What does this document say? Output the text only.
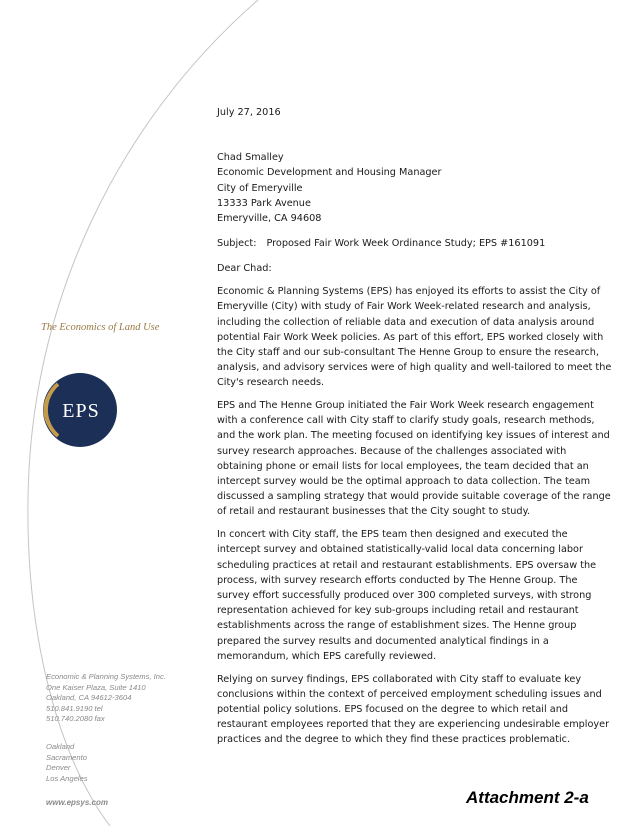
The Economics of Land Use
EPS
Economic & Planning Systems, Inc.
One Kaiser Plaza, Suite 1410
Oakland, CA 94612-3604
510.841.9190 tel
510.740.2080 fax
Oakland
Sacramento
Denver
Los Angeles
www.epsys.com

July 27, 2016

Chad Smalley

Economic Development and Housing Manager

City of Emeryville

13333 Park Avenue

Emeryville, CA 94608

Subject: Proposed Fair Work Week Ordinance Study; EPS #161091

Dear Chad:

Economic & Planning Systems (EPS) has enjoyed its efforts to assist the City of Emeryville (City) with study of Fair Work Week-related research and analysis, including the collection of reliable data and execution of data analysis around potential Fair Work Week policies. As part of this effort, EPS worked closely with the City staff and our sub-consultant The Henne Group to ensure the research, analysis, and advisory services were of high quality and well-tailored to meet the City's research needs.

EPS and The Henne Group initiated the Fair Work Week research engagement with a conference call with City staff to clarify study goals, research methods, and the work plan. The meeting focused on identifying key issues of interest and survey research approaches. Because of the challenges associated with obtaining phone or email lists for local employees, the team decided that an intercept survey would be the optimal approach to data collection. The team discussed a sampling strategy that would provide suitable coverage of the range of retail and restaurant businesses that the City sought to study.

In concert with City staff, the EPS team then designed and executed the intercept survey and obtained statistically-valid local data concerning labor scheduling practices at retail and restaurant establishments. EPS oversaw the process, with survey research efforts conducted by The Henne Group. The survey effort successfully produced over 300 completed surveys, with strong representation achieved for key sub-groups including retail and restaurant establishments across the range of establishment sizes. The Henne group prepared the survey results and documented analytical findings in a memorandum, which EPS carefully reviewed.

Relying on survey findings, EPS collaborated with City staff to evaluate key conclusions within the context of perceived employment scheduling issues and potential policy solutions. EPS focused on the degree to which retail and restaurant employees reported that they are experiencing undesirable employer practices and the degree to which they find these practices problematic.

Attachment 2-a
